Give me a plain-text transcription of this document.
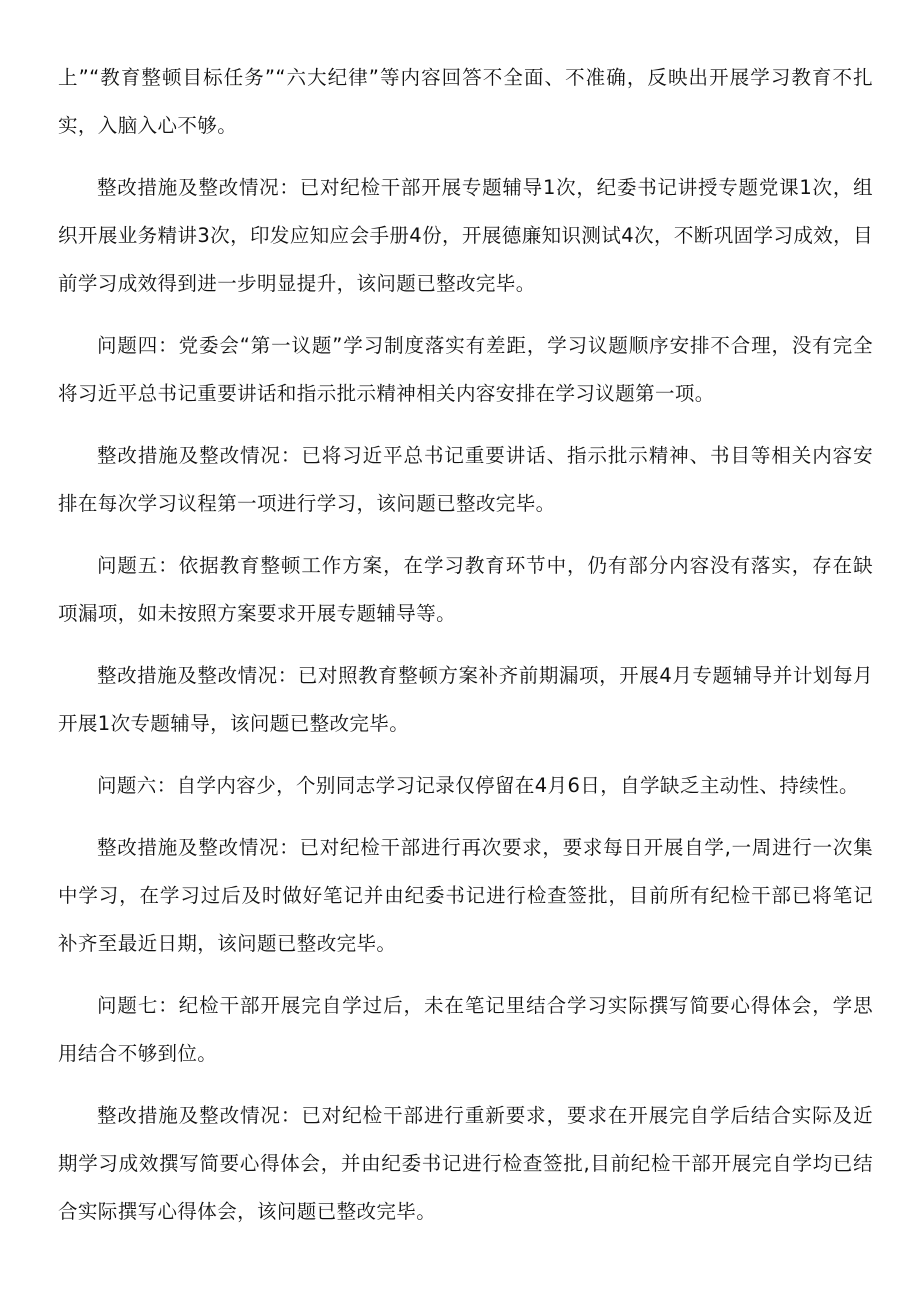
上”“教育整顿目标任务”“六大纪律”等内容回答不全面、不准确，反映出开展学习教育不扎实，入脑入心不够。

整改措施及整改情况：已对纪检干部开展专题辅导1次，纪委书记讲授专题党课1次，组织开展业务精讲3次，印发应知应会手册4份，开展德廉知识测试4次，不断巩固学习成效，目前学习成效得到进一步明显提升，该问题已整改完毕。

问题四：党委会“第一议题”学习制度落实有差距，学习议题顺序安排不合理，没有完全将习近平总书记重要讲话和指示批示精神相关内容安排在学习议题第一项。

整改措施及整改情况：已将习近平总书记重要讲话、指示批示精神、书目等相关内容安排在每次学习议程第一项进行学习，该问题已整改完毕。

问题五：依据教育整顿工作方案，在学习教育环节中，仍有部分内容没有落实，存在缺项漏项，如未按照方案要求开展专题辅导等。

整改措施及整改情况：已对照教育整顿方案补齐前期漏项，开展4月专题辅导并计划每月开展1次专题辅导，该问题已整改完毕。

问题六：自学内容少，个别同志学习记录仅停留在4月6日，自学缺乏主动性、持续性。

整改措施及整改情况：已对纪检干部进行再次要求，要求每日开展自学,一周进行一次集中学习，在学习过后及时做好笔记并由纪委书记进行检查签批，目前所有纪检干部已将笔记补齐至最近日期，该问题已整改完毕。

问题七：纪检干部开展完自学过后，未在笔记里结合学习实际撰写简要心得体会，学思用结合不够到位。

整改措施及整改情况：已对纪检干部进行重新要求，要求在开展完自学后结合实际及近期学习成效撰写简要心得体会，并由纪委书记进行检查签批,目前纪检干部开展完自学均已结合实际撰写心得体会，该问题已整改完毕。
